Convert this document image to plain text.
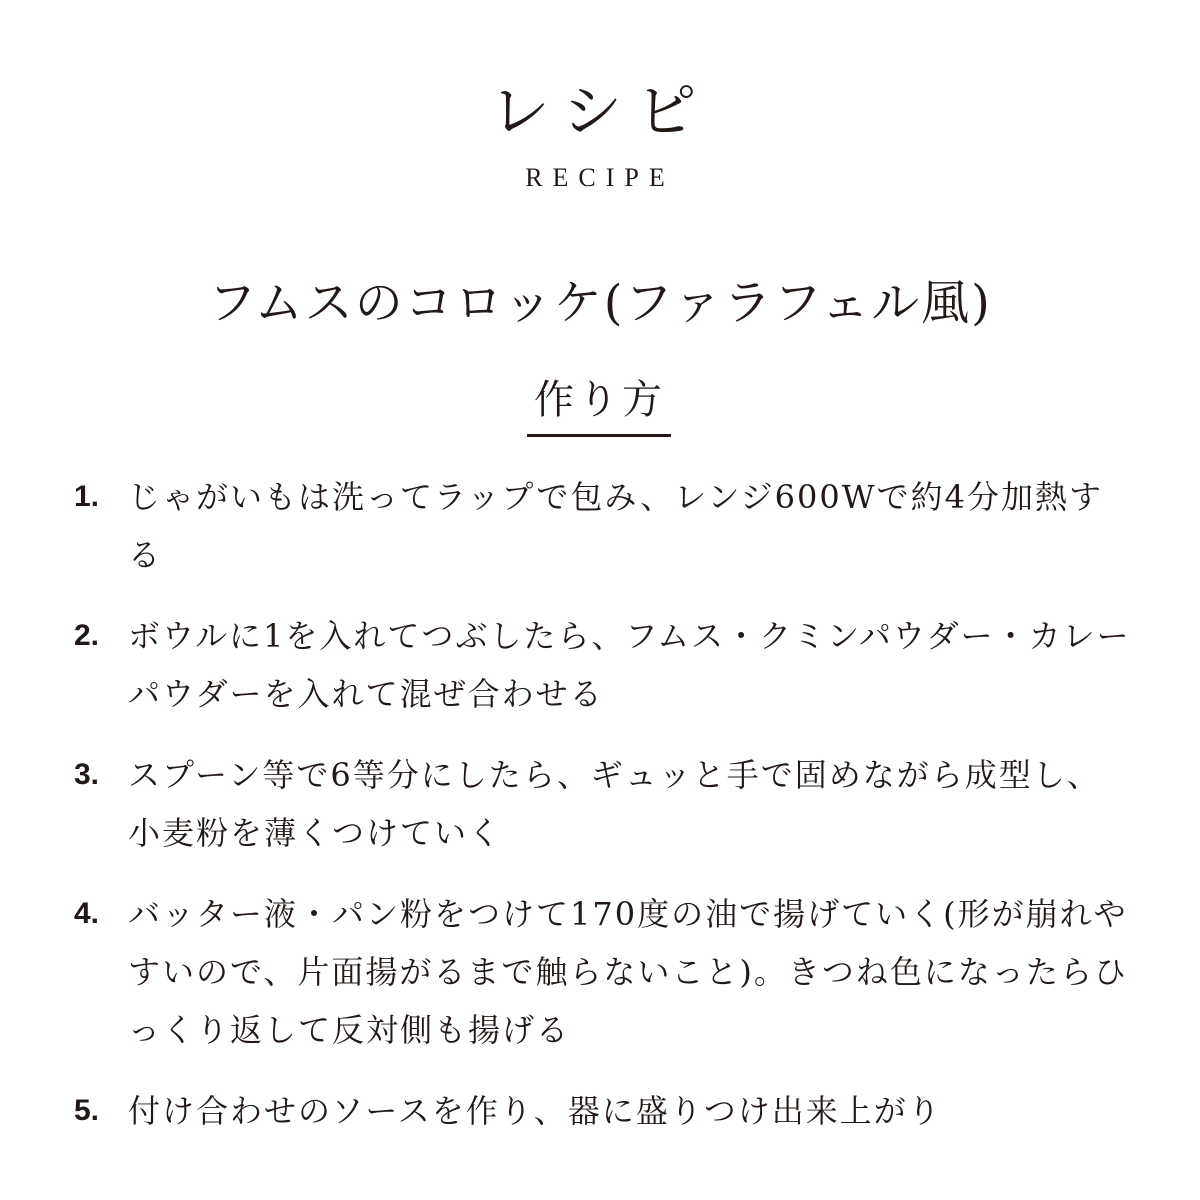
レシピ
RECIPE
フムスのコロッケ(ファラフェル風)
作り方
1. じゃがいもは洗ってラップで包み、レンジ600Wで約4分加熱する
2. ボウルに1を入れてつぶしたら、フムス・クミンパウダー・カレーパウダーを入れて混ぜ合わせる
3. スプーン等で6等分にしたら、ギュッと手で固めながら成型し、小麦粉を薄くつけていく
4. バッター液・パン粉をつけて170度の油で揚げていく(形が崩れやすいので、片面揚がるまで触らないこと)。きつね色になったらひっくり返して反対側も揚げる
5. 付け合わせのソースを作り、器に盛りつけ出来上がり
